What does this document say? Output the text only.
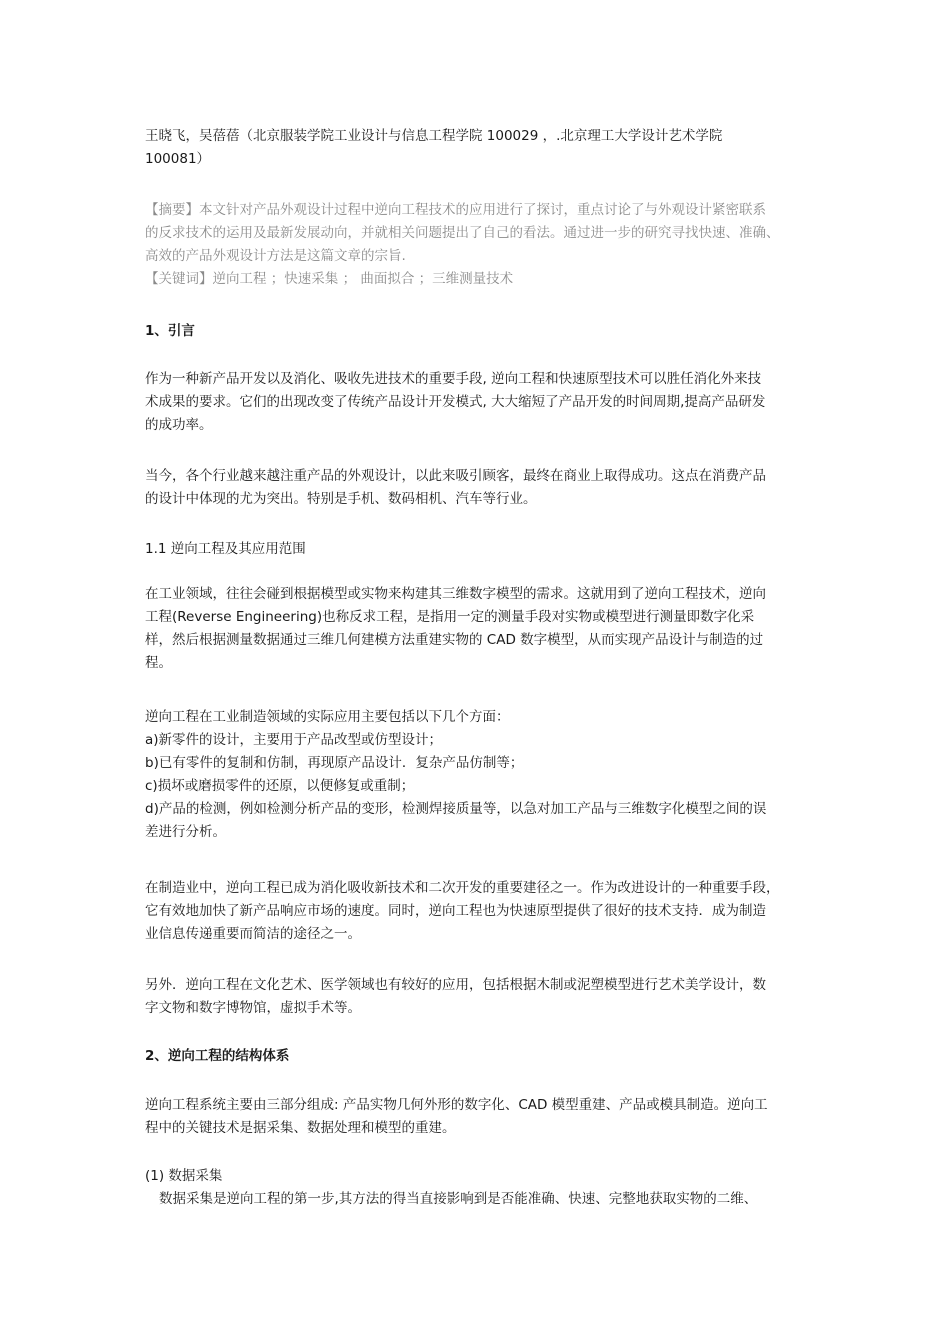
王晓飞，吴蓓蓓（北京服装学院工业设计与信息工程学院 100029 ，.北京理工大学设计艺术学院
100081）
【摘要】本文针对产品外观设计过程中逆向工程技术的应用进行了探讨，重点讨论了与外观设计紧密联系
的反求技术的运用及最新发展动向，并就相关问题提出了自己的看法。通过进一步的研究寻找快速、准确、
高效的产品外观设计方法是这篇文章的宗旨.
【关键词】逆向工程 ；快速采集 ； 曲面拟合 ；三维测量技术
1、引言
作为一种新产品开发以及消化、吸收先进技术的重要手段, 逆向工程和快速原型技术可以胜任消化外来技
术成果的要求。它们的出现改变了传统产品设计开发模式, 大大缩短了产品开发的时间周期,提高产品研发
的成功率。
当今，各个行业越来越注重产品的外观设计，以此来吸引顾客，最终在商业上取得成功。这点在消费产品
的设计中体现的尤为突出。特别是手机、数码相机、汽车等行业。
1.1 逆向工程及其应用范围
在工业领域，往往会碰到根据模型或实物来构建其三维数字模型的需求。这就用到了逆向工程技术，逆向
工程(Reverse Engineering)也称反求工程，是指用一定的测量手段对实物或模型进行测量即数字化采
样，然后根据测量数据通过三维几何建模方法重建实物的 CAD 数字模型，从而实现产品设计与制造的过
程。
逆向工程在工业制造领域的实际应用主要包括以下几个方面：
a)新零件的设计，主要用于产品改型或仿型设计；
b)已有零件的复制和仿制，再现原产品设计．复杂产品仿制等；
c)损坏或磨损零件的还原，以便修复或重制；
d)产品的检测，例如检测分析产品的变形，检测焊接质量等，以急对加工产品与三维数字化模型之间的误
差进行分析。
在制造业中，逆向工程已成为消化吸收新技术和二次开发的重要建径之一。作为改进设计的一种重要手段，
它有效地加快了新产品响应市场的速度。同时，逆向工程也为快速原型提供了很好的技术支持．成为制造
业信息传递重要而简洁的途径之一。
另外．逆向工程在文化艺术、医学领域也有较好的应用，包括根据木制或泥塑模型进行艺术美学设计，数
字文物和数字博物馆，虚拟手术等。
2、逆向工程的结构体系
逆向工程系统主要由三部分组成: 产品实物几何外形的数字化、CAD 模型重建、产品或模具制造。逆向工
程中的关键技术是据采集、数据处理和模型的重建。
(1) 数据采集
数据采集是逆向工程的第一步,其方法的得当直接影响到是否能准确、快速、完整地获取实物的二维、
